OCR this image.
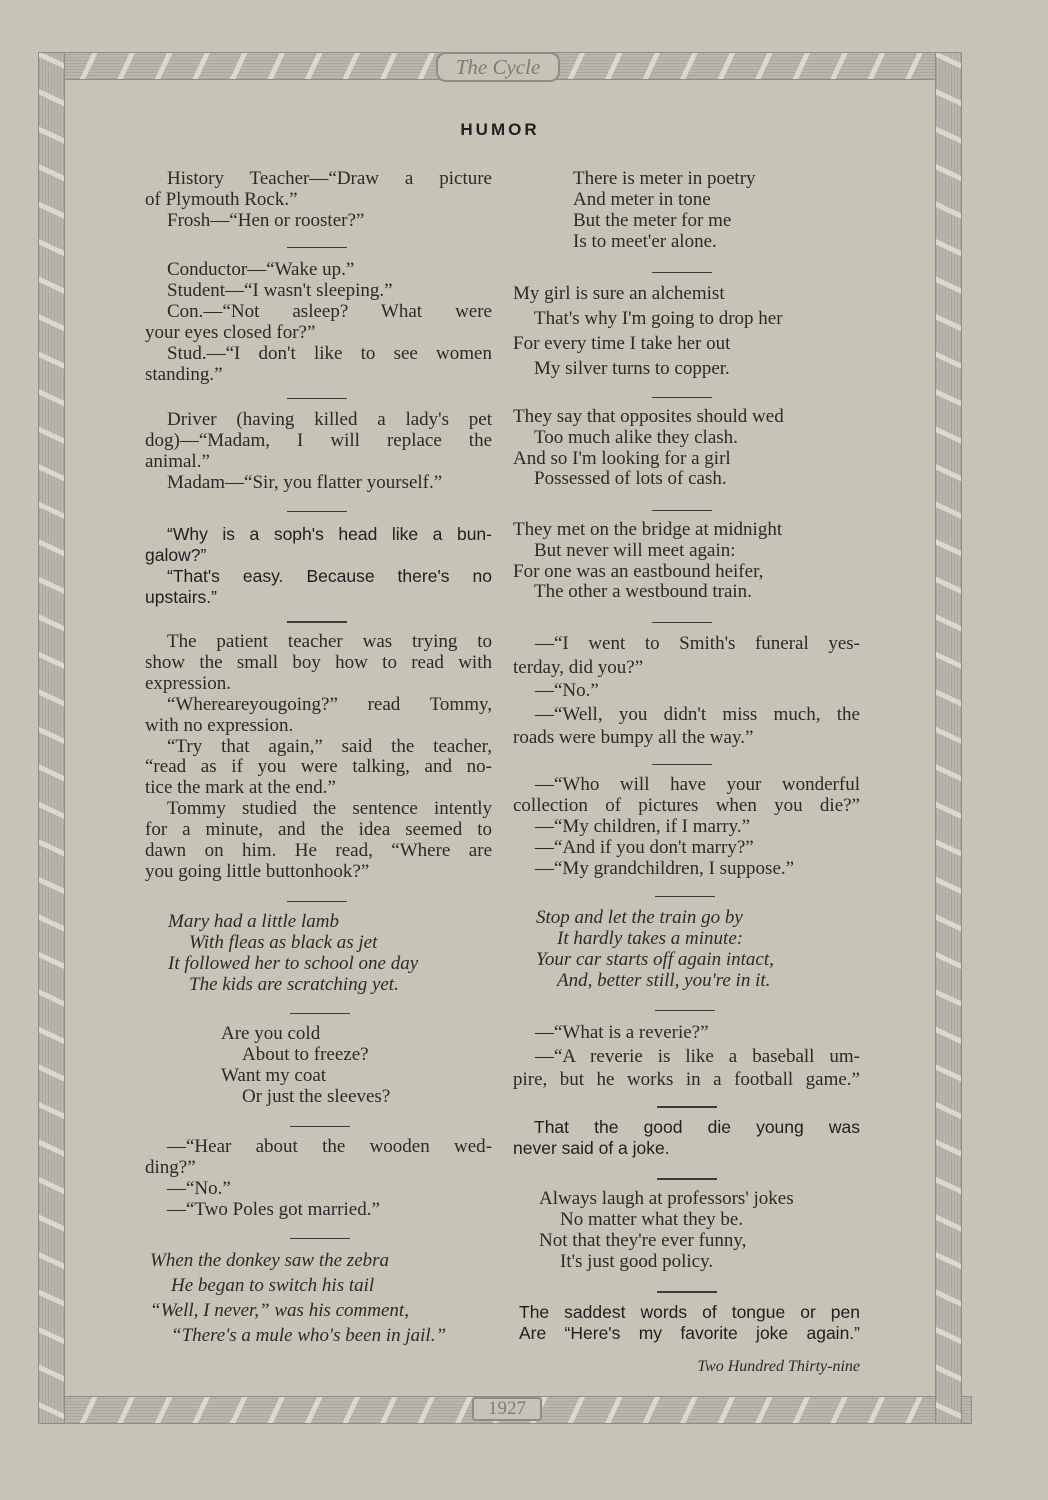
The Cycle
1927
HUMOR
History Teacher—“Draw a picture
of Plymouth Rock.”
Frosh—“Hen or rooster?”
Conductor—“Wake up.”
Student—“I wasn't sleeping.”
Con.—“Not asleep? What were
your eyes closed for?”
Stud.—“I don't like to see women
standing.”
Driver (having killed a lady's pet
dog)—“Madam, I will replace the
animal.”
Madam—“Sir, you flatter yourself.”
“Why is a soph's head like a bun-
galow?”
“That's easy. Because there's no
upstairs.”
The patient teacher was trying to
show the small boy how to read with
expression.
“Whereareyougoing?” read Tommy,
with no expression.
“Try that again,” said the teacher,
“read as if you were talking, and no-
tice the mark at the end.”
Tommy studied the sentence intently
for a minute, and the idea seemed to
dawn on him. He read, “Where are
you going little buttonhook?”
Mary had a little lamb
With fleas as black as jet
It followed her to school one day
The kids are scratching yet.
Are you cold
About to freeze?
Want my coat
Or just the sleeves?
—“Hear about the wooden wed-
ding?”
—“No.”
—“Two Poles got married.”
When the donkey saw the zebra
He began to switch his tail
“Well, I never,” was his comment,
“There's a mule who's been in jail.”
There is meter in poetry
And meter in tone
But the meter for me
Is to meet'er alone.
My girl is sure an alchemist
That's why I'm going to drop her
For every time I take her out
My silver turns to copper.
They say that opposites should wed
Too much alike they clash.
And so I'm looking for a girl
Possessed of lots of cash.
They met on the bridge at midnight
But never will meet again:
For one was an eastbound heifer,
The other a westbound train.
—“I went to Smith's funeral yes-
terday, did you?”
—“No.”
—“Well, you didn't miss much, the
roads were bumpy all the way.”
—“Who will have your wonderful
collection of pictures when you die?”
—“My children, if I marry.”
—“And if you don't marry?”
—“My grandchildren, I suppose.”
Stop and let the train go by
It hardly takes a minute:
Your car starts off again intact,
And, better still, you're in it.
—“What is a reverie?”
—“A reverie is like a baseball um-
pire, but he works in a football game.”
That the good die young was
never said of a joke.
Always laugh at professors' jokes
No matter what they be.
Not that they're ever funny,
It's just good policy.
The saddest words of tongue or pen
Are “Here's my favorite joke again.”
Two Hundred Thirty-nine
